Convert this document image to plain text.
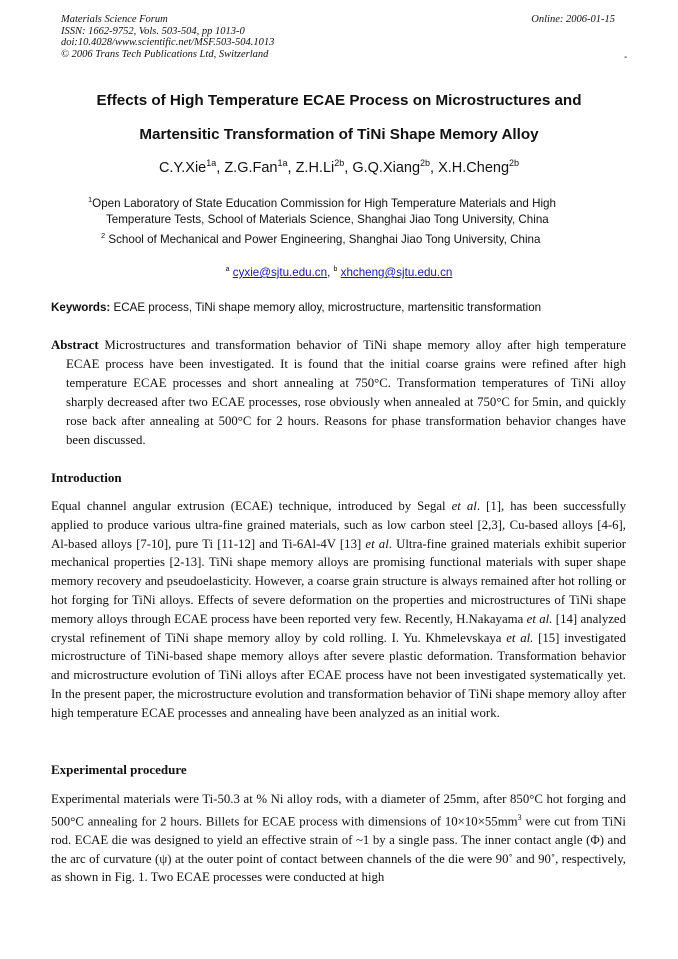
Materials Science Forum
ISSN: 1662-9752, Vols. 503-504, pp 1013-0
doi:10.4028/www.scientific.net/MSF.503-504.1013
© 2006 Trans Tech Publications Ltd, Switzerland
Online: 2006-01-15
-
Effects of High Temperature ECAE Process on Microstructures and
Martensitic Transformation of TiNi Shape Memory Alloy
C.Y.Xie$^{1a}$, Z.G.Fan$^{1a}$, $Z.H.Li^{2b}$, G.Q.Xiang$^{2b}$, X.H.Cheng$^{2b}$
$^1$Open Laboratory of State Education Commission for High Temperature Materials and High
Temperature Tests, School of Materials Science, Shanghai Jiao Tong University, China
$^2$ School of Mechanical and Power Engineering, Shanghai Jiao Tong University, China
$^a$ cyxie@sjtu.edu.cn, $^b$ xhcheng@sjtu.edu.cn
Keywords: ECAE process, TiNi shape memory alloy, microstructure, martensitic transformation
Abstract Microstructures and transformation behavior of TiNi shape memory alloy after high temperature ECAE process have been investigated. It is found that the initial coarse grains were refined after high temperature ECAE processes and short annealing at 750°C. Transformation temperatures of TiNi alloy sharply decreased after two ECAE processes, rose obviously when annealed at 750°C for 5min, and quickly rose back after annealing at 500°C for 2 hours. Reasons for phase transformation behavior changes have been discussed.
Introduction
Equal channel angular extrusion (ECAE) technique, introduced by Segal et al. [1], has been successfully applied to produce various ultra-fine grained materials, such as low carbon steel [2,3], Cu-based alloys [4-6], Al-based alloys [7-10], pure Ti [11-12] and Ti-6Al-4V [13] et al. Ultra-fine grained materials exhibit superior mechanical properties [2-13]. TiNi shape memory alloys are promising functional materials with super shape memory recovery and pseudoelasticity. However, a coarse grain structure is always remained after hot rolling or hot forging for TiNi alloys. Effects of severe deformation on the properties and microstructures of TiNi shape memory alloys through ECAE process have been reported very few. Recently, H.Nakayama et al. [14] analyzed crystal refinement of TiNi shape memory alloy by cold rolling. I. Yu. Khmelevskaya et al. [15] investigated microstructure of TiNi-based shape memory alloys after severe plastic deformation. Transformation behavior and microstructure evolution of TiNi alloys after ECAE process have not been investigated systematically yet. In the present paper, the microstructure evolution and transformation behavior of TiNi shape memory alloy after high temperature ECAE processes and annealing have been analyzed as an initial work.
Experimental procedure
Experimental materials were Ti-50.3 at % Ni alloy rods, with a diameter of 25mm, after 850°C hot forging and 500°C annealing for 2 hours. Billets for ECAE process with dimensions of $10\times 10\times 55mm^3$ were cut from TiNi rod. ECAE die was designed to yield an effective strain of ~1 by a single pass. The inner contact angle (Φ) and the arc of curvature (ψ) at the outer point of contact between channels of the die were 90˚ and 90˚, respectively, as shown in Fig. 1. Two ECAE processes were conducted at high
